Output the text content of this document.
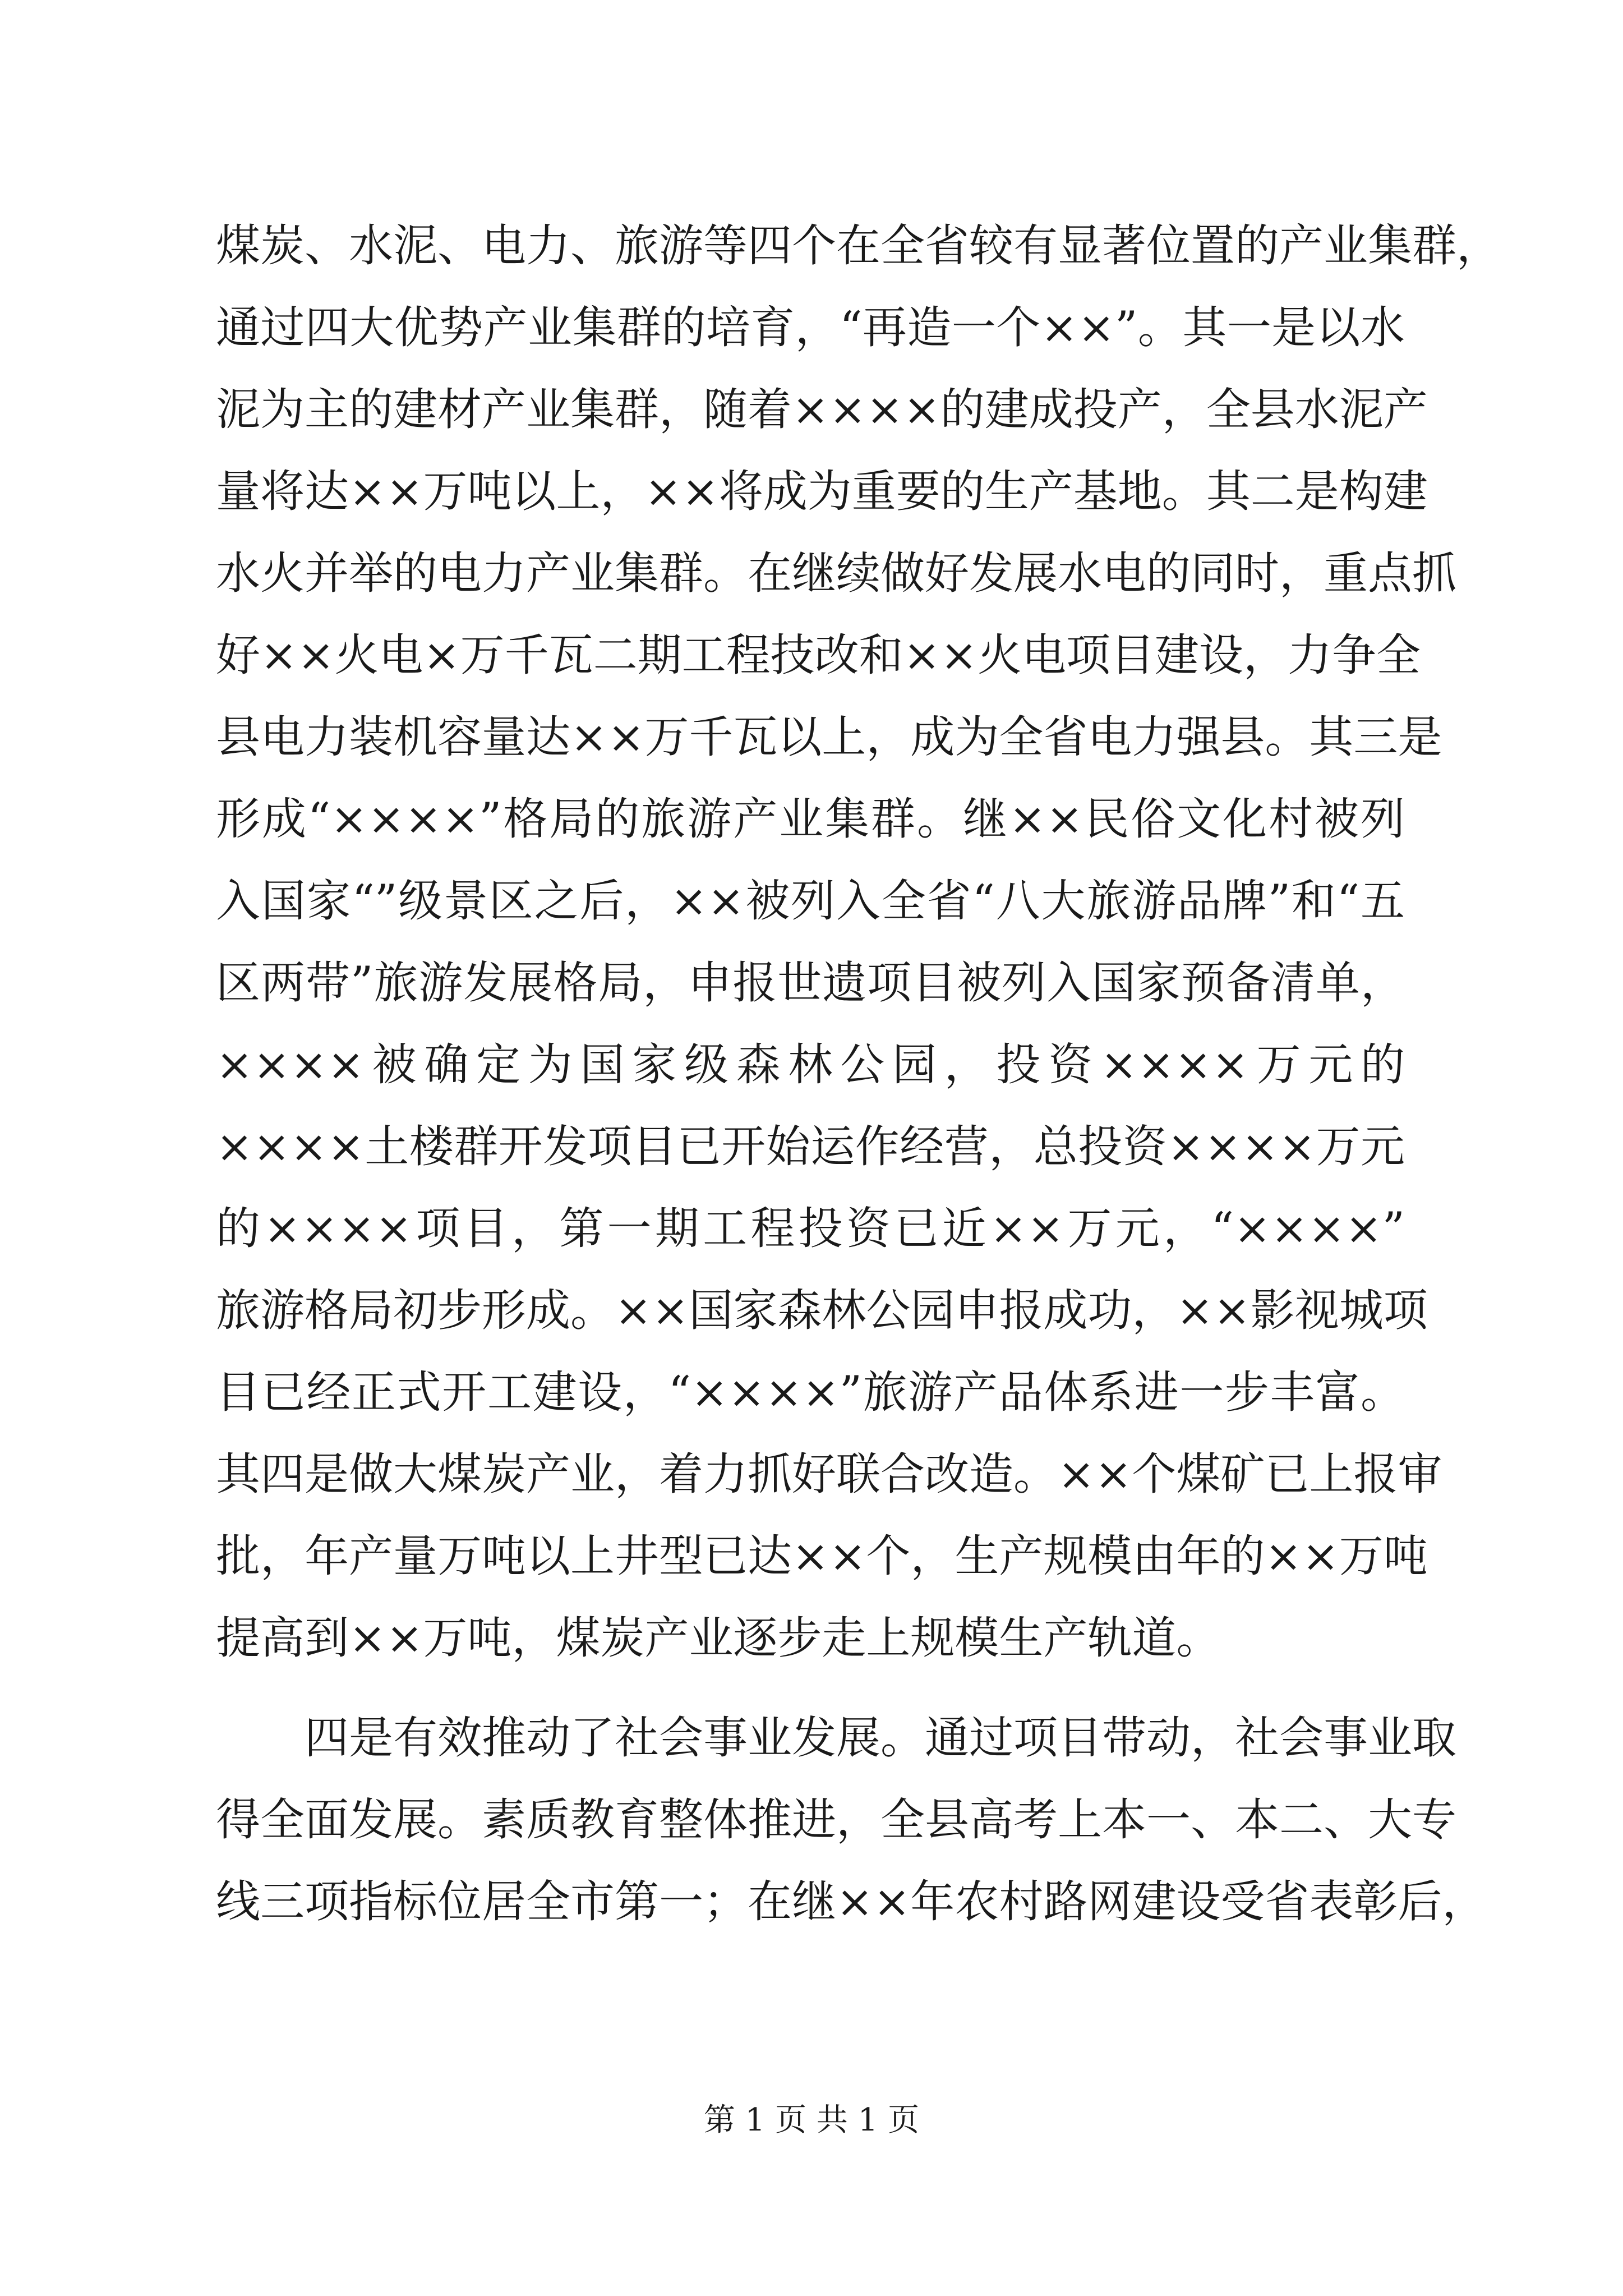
煤炭、水泥、电力、旅游等四个在全省较有显著位置的产业集群，
通过四大优势产业集群的培育，“再造一个××”。其一是以水
泥为主的建材产业集群，随着××××的建成投产，全县水泥产
量将达××万吨以上，××将成为重要的生产基地。其二是构建
水火并举的电力产业集群。在继续做好发展水电的同时，重点抓
好××火电×万千瓦二期工程技改和××火电项目建设，力争全
县电力装机容量达××万千瓦以上，成为全省电力强县。其三是
形成“××××”格局的旅游产业集群。继××民俗文化村被列
入国家“”级景区之后，××被列入全省“八大旅游品牌”和“五
区两带”旅游发展格局，申报世遗项目被列入国家预备清单，
××××被确定为国家级森林公园，投资××××万元的
××××土楼群开发项目已开始运作经营，总投资××××万元
的××××项目，第一期工程投资已近××万元，“××××”
旅游格局初步形成。××国家森林公园申报成功，××影视城项
目已经正式开工建设，“××××”旅游产品体系进一步丰富。
其四是做大煤炭产业，着力抓好联合改造。××个煤矿已上报审
批，年产量万吨以上井型已达××个，生产规模由年的××万吨
提高到××万吨，煤炭产业逐步走上规模生产轨道。
四是有效推动了社会事业发展。通过项目带动，社会事业取
得全面发展。素质教育整体推进，全县高考上本一、本二、大专
线三项指标位居全市第一；在继××年农村路网建设受省表彰后，
第 1 页 共 1 页
